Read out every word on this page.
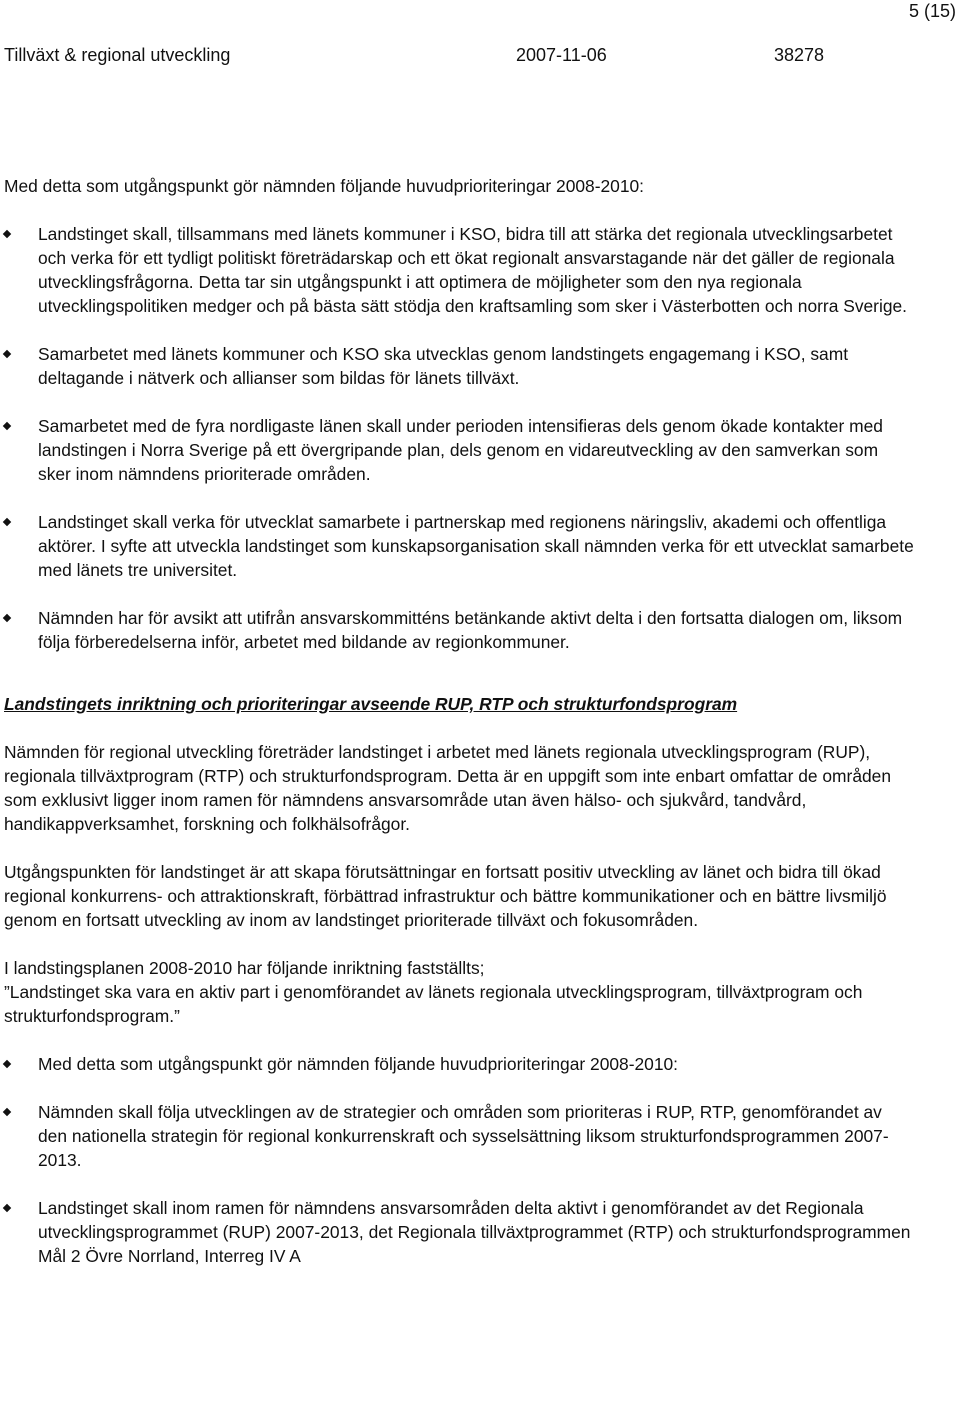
5 (15)
Tillväxt & regional utveckling	2007-11-06	38278

Med detta som utgångspunkt gör nämnden följande huvudprioriteringar 2008-2010:

Landstinget skall, tillsammans med länets kommuner i KSO, bidra till att stärka det regionala utvecklingsarbetet och verka för ett tydligt politiskt företrädarskap och ett ökat regionalt ansvarstagande när det gäller de regionala utvecklingsfrågorna. Detta tar sin utgångspunkt i att optimera de möjligheter som den nya regionala utvecklingspolitiken medger och på bästa sätt stödja den kraftsamling som sker i Västerbotten och norra Sverige.
Samarbetet med länets kommuner och KSO ska utvecklas genom landstingets engagemang i KSO, samt deltagande i nätverk och allianser som bildas för länets tillväxt.
Samarbetet med de fyra nordligaste länen skall under perioden intensifieras dels genom ökade kontakter med landstingen i Norra Sverige på ett övergripande plan, dels genom en vidareutveckling av den samverkan som sker inom nämndens prioriterade områden.
Landstinget skall verka för utvecklat samarbete i partnerskap med regionens näringsliv, akademi och offentliga aktörer. I syfte att utveckla landstinget som kunskapsorganisation skall nämnden verka för ett utvecklat samarbete med länets tre universitet.
Nämnden har för avsikt att utifrån ansvarskommitténs betänkande aktivt delta i den fortsatta dialogen om, liksom följa förberedelserna inför, arbetet med bildande av regionkommuner.

Landstingets inriktning och prioriteringar avseende RUP, RTP och strukturfondsprogram

Nämnden för regional utveckling företräder landstinget i arbetet med länets regionala utvecklingsprogram (RUP), regionala tillväxtprogram (RTP) och strukturfondsprogram. Detta är en uppgift som inte enbart omfattar de områden som exklusivt ligger inom ramen för nämndens ansvarsområde utan även hälso- och sjukvård, tandvård, handikappverksamhet, forskning och folkhälsofrågor.

Utgångspunkten för landstinget är att skapa förutsättningar en fortsatt positiv utveckling av länet och bidra till ökad regional konkurrens- och attraktionskraft, förbättrad infrastruktur och bättre kommunikationer och en bättre livsmiljö genom en fortsatt utveckling av inom av landstinget prioriterade tillväxt och fokusområden.

I landstingsplanen 2008-2010 har följande inriktning fastställts;
”Landstinget ska vara en aktiv part i genomförandet av länets regionala utvecklingsprogram, tillväxtprogram och strukturfondsprogram.”

Med detta som utgångspunkt gör nämnden följande huvudprioriteringar 2008-2010:
Nämnden skall följa utvecklingen av de strategier och områden som prioriteras i RUP, RTP, genomförandet av den nationella strategin för regional konkurrenskraft och sysselsättning liksom strukturfondsprogrammen 2007-2013.
Landstinget skall inom ramen för nämndens ansvarsområden delta aktivt i genomförandet av det Regionala utvecklingsprogrammet (RUP) 2007-2013, det Regionala tillväxtprogrammet (RTP) och strukturfondsprogrammen Mål 2 Övre Norrland, Interreg IV A
